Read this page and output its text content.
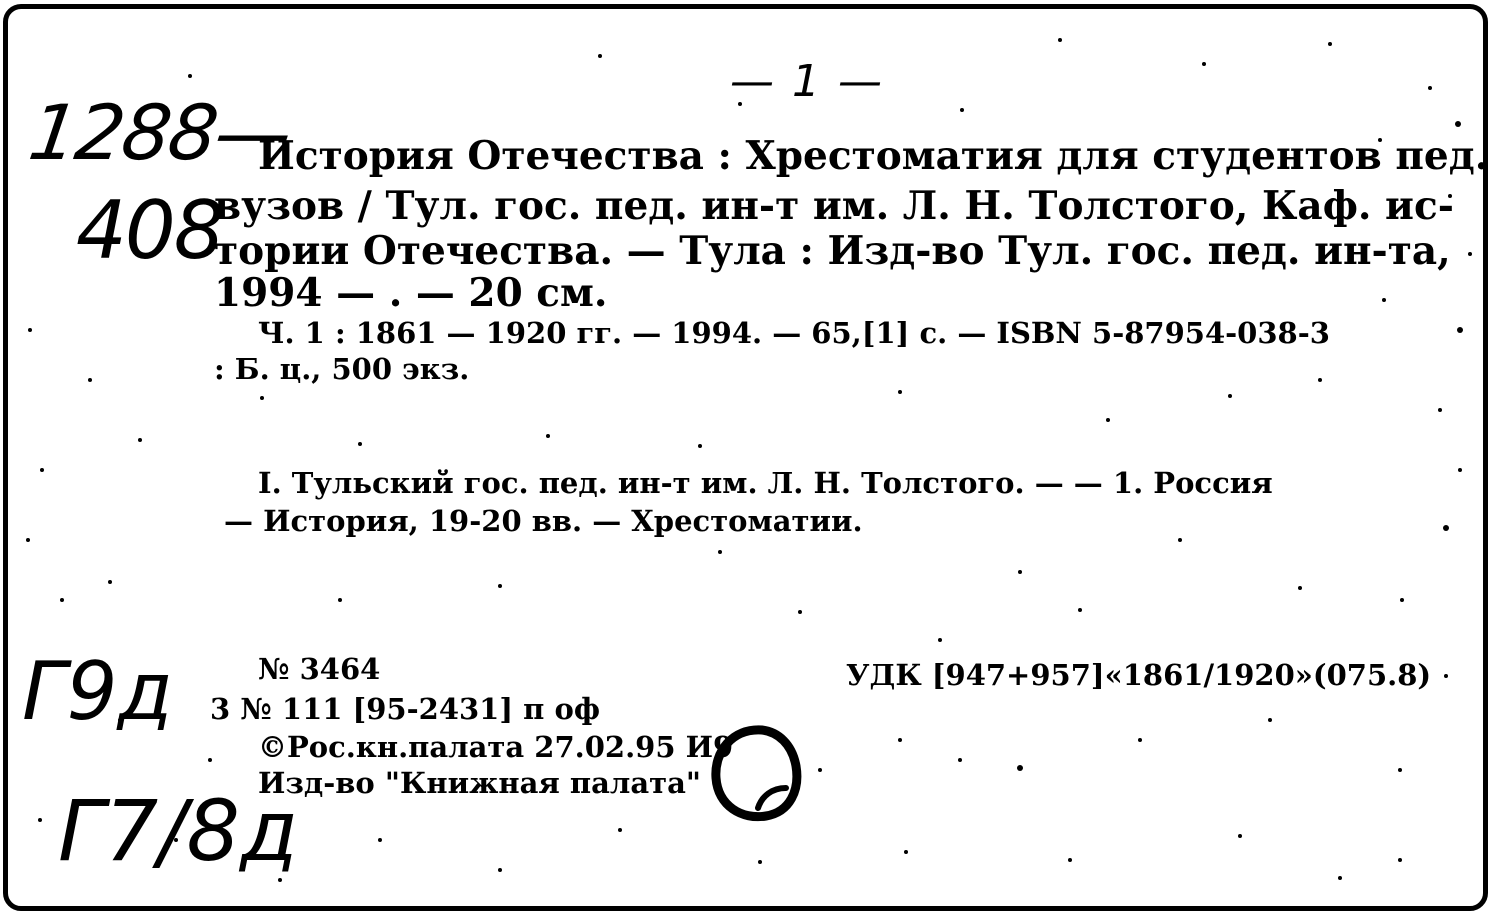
— 1 —
1288—
408
История Отечества : Хрестоматия для студентов пед.
вузов / Тул. гос. пед. ин-т им. Л. Н. Толстого, Каф. ис-
тории Отечества. — Тула : Изд-во Тул. гос. пед. ин-та,
1994 — . — 20 см.
Ч. 1 : 1861 — 1920 гг. — 1994. — 65,[1] с. — ISBN 5-87954-038-3
: Б. ц., 500 экз.
I. Тульский гос. пед. ин-т им. Л. Н. Толстого. — — 1. Россия
— История, 19-20 вв. — Хрестоматии.
Г9д	№ 3464
3 № 111 [95-2431] п оф
©Рос.кн.палата 27.02.95 И9
Изд-во "Книжная палата"
УДК [947+957]«1861/1920»(075.8)
Г7/8д
